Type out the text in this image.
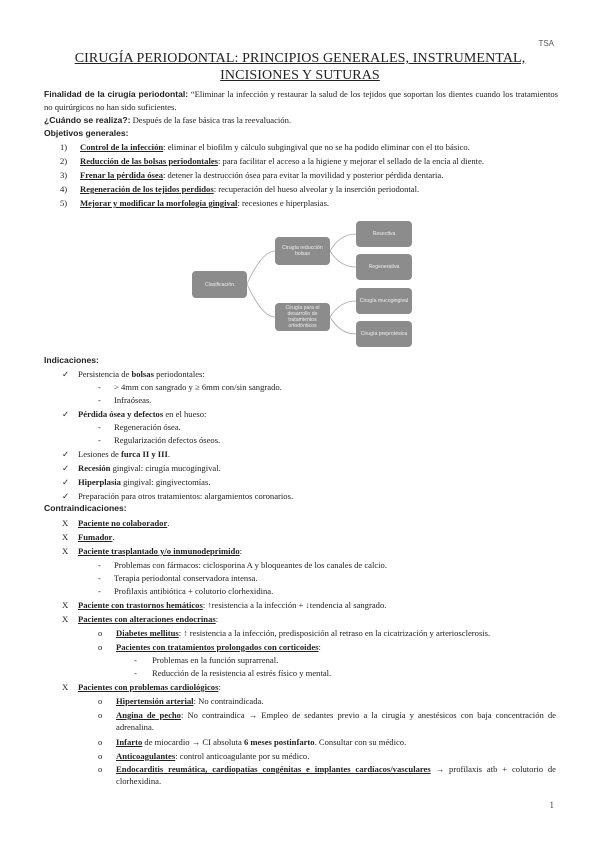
TSA
CIRUGÍA PERIODONTAL: PRINCIPIOS GENERALES, INSTRUMENTAL, INCISIONES Y SUTURAS
Finalidad de la cirugía periodontal: “Eliminar la infección y restaurar la salud de los tejidos que soportan los dientes cuando los tratamientos no quirúrgicos no han sido suficientes.
¿Cuándo se realiza?: Después de la fase básica tras la reevaluación.
Objetivos generales:
1) Control de la infección: eliminar el biofilm y cálculo subgingival que no se ha podido eliminar con el tto básico.
2) Reducción de las bolsas periodontales: para facilitar el acceso a la higiene y mejorar el sellado de la encía al diente.
3) Frenar la pérdida ósea: detener la destrucción ósea para evitar la movilidad y posterior pérdida dentaria.
4) Regeneración de los tejidos perdidos: recuperación del hueso alveolar y la inserción periodontal.
5) Mejorar y modificar la morfología gingival: recesiones e hiperplasias.
Clasificación
Cirugía reducción bolsas
Cirugía para el desarrollo de tratamientos ortodónticos
Resectiva
Regenerativa
Cirugía mucogingival
Cirugía preprotésica
Indicaciones:
✓ Persistencia de bolsas periodontales:
- > 4mm con sangrado y ≥ 6mm con/sin sangrado.
- Infraóseas.
✓ Pérdida ósea y defectos en el hueso:
- Regeneración ósea.
- Regularización defectos óseos.
✓ Lesiones de furca II y III.
✓ Recesión gingival: cirugía mucogingival.
✓ Hiperplasia gingival: gingivectomías.
✓ Preparación para otros tratamientos: alargamientos coronarios.
Contraindicaciones:
X Paciente no colaborador.
X Fumador.
X Paciente trasplantado y/o inmunodeprimido:
- Problemas con fármacos: ciclosporina A y bloqueantes de los canales de calcio.
- Terapia periodontal conservadora intensa.
- Profilaxis antibiótica + colutorio clorhexidina.
X Paciente con trastornos hemáticos: ↑resistencia a la infección + ↓tendencia al sangrado.
X Pacientes con alteraciones endocrinas:
o Diabetes mellitus: ↑ resistencia a la infección, predisposición al retraso en la cicatrización y arteriosclerosis.
o Pacientes con tratamientos prolongados con corticoides:
- Problemas en la función suprarrenal.
- Reducción de la resistencia al estrés físico y mental.
X Pacientes con problemas cardiológicos:
o Hipertensión arterial: No contraindicada.
o Angina de pecho: No contraindica → Empleo de sedantes previo a la cirugía y anestésicos con baja concentración de adrenalina.
o Infarto de miocardio → CI absoluta 6 meses postinfarto. Consultar con su médico.
o Anticoagulantes: control anticoagulante por su médico.
o Endocarditis reumática, cardiopatías congénitas e implantes cardíacos/vasculares → profilaxis atb + colutorio de clorhexidina.
1
